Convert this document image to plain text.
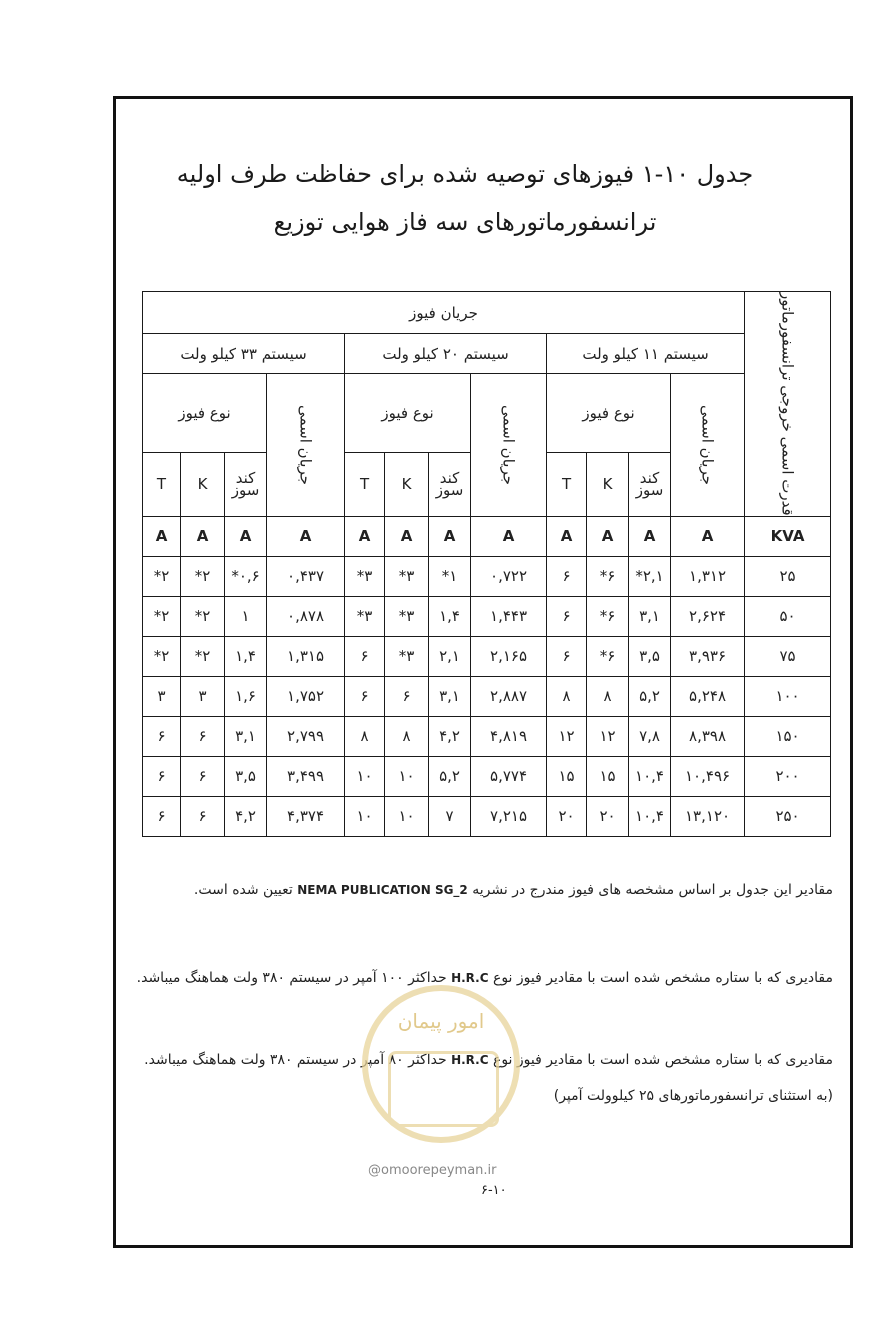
جدول ۱۰-۱ فیوزهای توصیه شده برای حفاظت طرف اولیه
ترانسفورماتورهای سه فاز هوایی توزیع
قدرت اسمی خروجی ترانسفورماتور	جریان فیوز											
	سیستم ۱۱ کیلو ولت				سیستم ۲۰ کیلو ولت				سیستم ۳۳ کیلو ولت			
	جریان اسمی	نوع فیوز			جریان اسمی	نوع فیوز			جریان اسمی	نوع فیوز		
		کند سوز	K	T		کند سوز	K	T		کند سوز	K	T
KVA	A	A	A	A	A	A	A	A	A	A	A	A
۲۵	۱,۳۱۲	۲,۱*	۶*	۶	۰,۷۲۲	۱*	۳*	۳*	۰,۴۳۷	۰,۶*	۲*	۲*
۵۰	۲,۶۲۴	۳,۱	۶*	۶	۱,۴۴۳	۱,۴	۳*	۳*	۰,۸۷۸	۱	۲*	۲*
۷۵	۳,۹۳۶	۳,۵	۶*	۶	۲,۱۶۵	۲,۱	۳*	۶	۱,۳۱۵	۱,۴	۲*	۲*
۱۰۰	۵,۲۴۸	۵,۲	۸	۸	۲,۸۸۷	۳,۱	۶	۶	۱,۷۵۲	۱,۶	۳	۳
۱۵۰	۸,۳۹۸	۷,۸	۱۲	۱۲	۴,۸۱۹	۴,۲	۸	۸	۲,۷۹۹	۳,۱	۶	۶
۲۰۰	۱۰,۴۹۶	۱۰,۴	۱۵	۱۵	۵,۷۷۴	۵,۲	۱۰	۱۰	۳,۴۹۹	۳,۵	۶	۶
۲۵۰	۱۳,۱۲۰	۱۰,۴	۲۰	۲۰	۷,۲۱۵	۷	۱۰	۱۰	۴,۳۷۴	۴,۲	۶	۶
مقادیر این جدول بر اساس مشخصه های فیوز مندرج در نشریه NEMA PUBLICATION SG_2 تعیین شده است.
مقادیری که با ستاره مشخص شده است با مقادیر فیوز نوع H.R.C حداکثر ۱۰۰ آمپر در سیستم ۳۸۰ ولت هماهنگ میباشد.
مقادیری که با ستاره مشخص شده است با مقادیر فیوز نوع H.R.C حداکثر ۸۰ آمپر در سیستم ۳۸۰ ولت هماهنگ میباشد. (به استثنای ترانسفورماتورهای ۲۵ کیلوولت آمپر)
امور پیمان
@omoorepeyman.ir
۶-۱۰
